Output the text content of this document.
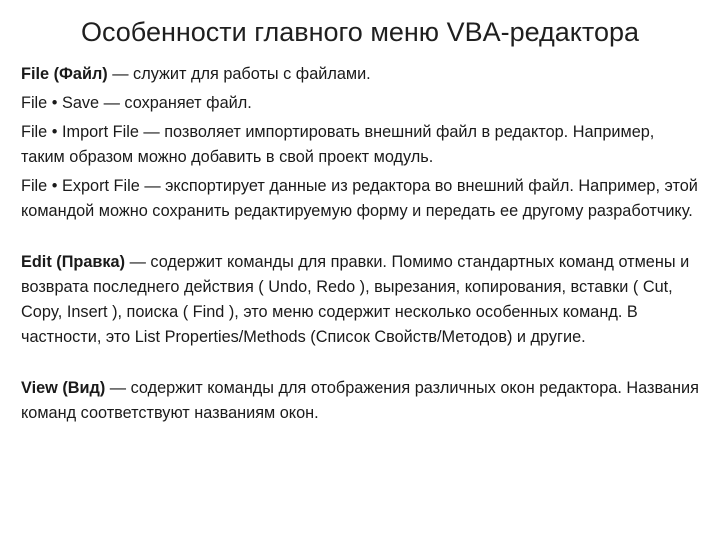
Особенности главного меню VBA-редактора

File (Файл) — служит для работы с файлами.

File • Save — сохраняет файл.

File • Import File — позволяет импортировать внешний файл в редактор. Например, таким образом можно добавить в свой проект модуль.

File • Export File — экспортирует данные из редактора во внешний файл. Например, этой командой можно сохранить редактируемую форму и передать ее другому разработчику.

Edit (Правка) — содержит команды для правки. Помимо стандартных команд отмены и возврата последнего действия ( Undo, Redo ), вырезания, копирования, вставки ( Cut, Copy, Insert ), поиска ( Find ), это меню содержит несколько особенных команд. В частности, это List Properties/Methods (Список Свойств/Методов) и другие.

View (Вид) — содержит команды для отображения различных окон редактора. Названия команд соответствуют названиям окон.
